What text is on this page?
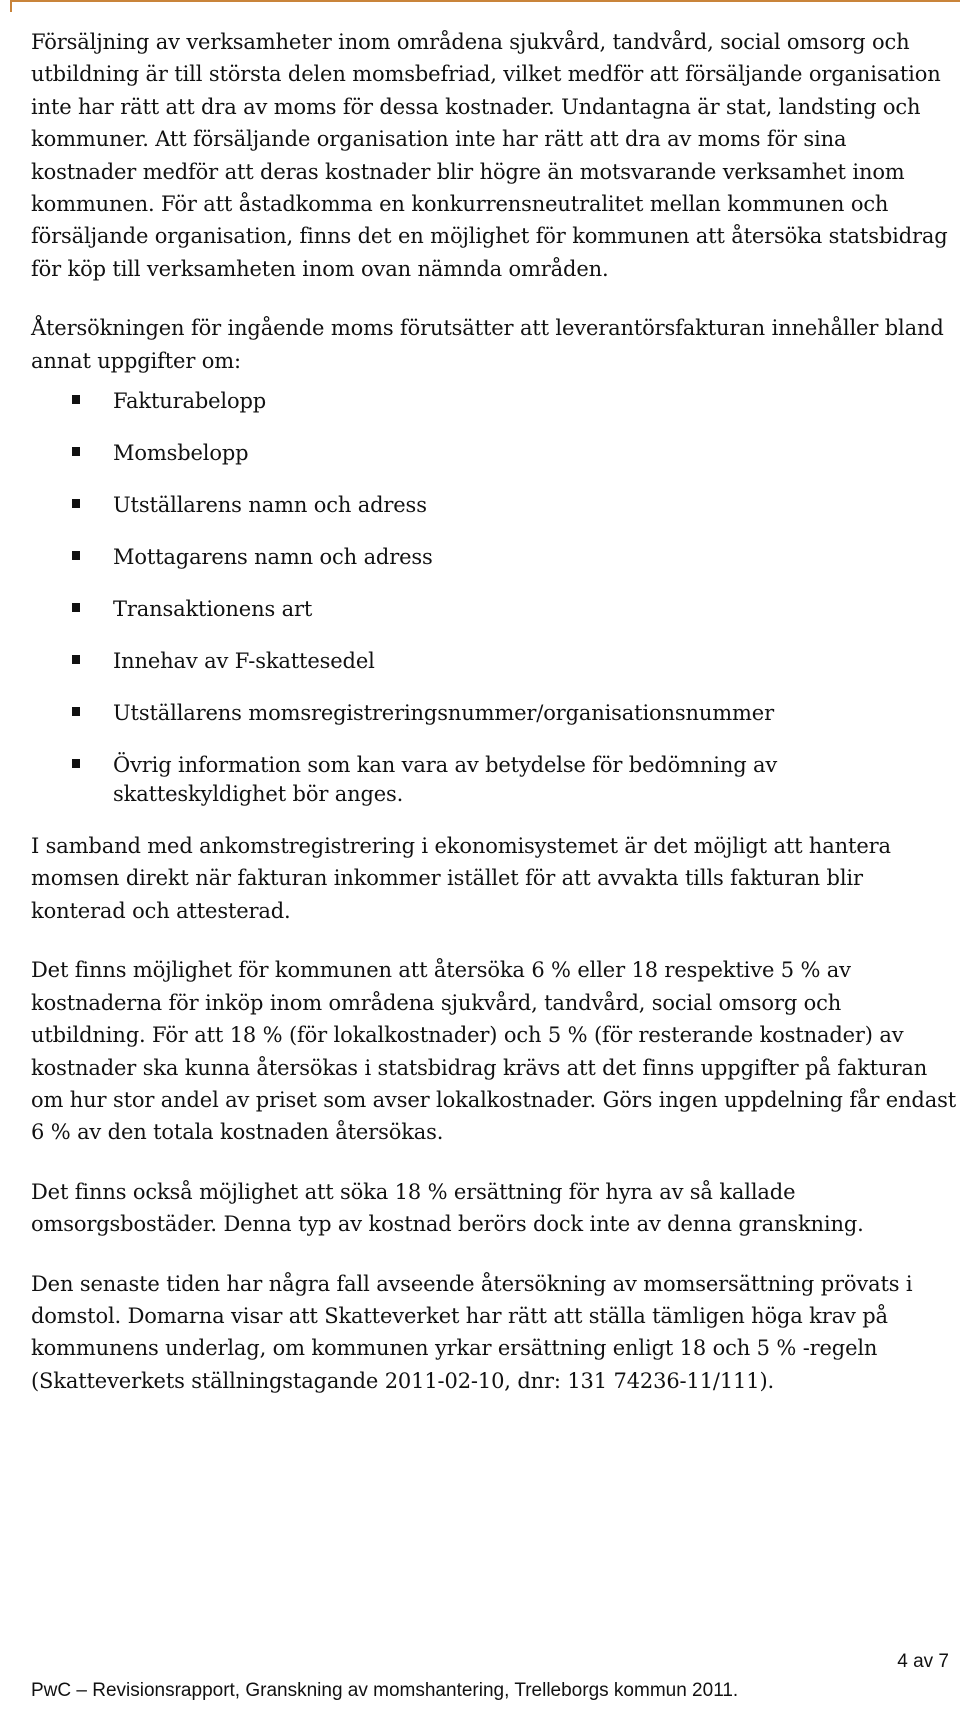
Försäljning av verksamheter inom områdena sjukvård, tandvård, social omsorg och utbildning är till största delen momsbefriad, vilket medför att försäljande organisation inte har rätt att dra av moms för dessa kostnader. Undantagna är stat, landsting och kommuner. Att försäljande organisation inte har rätt att dra av moms för sina kostnader medför att deras kostnader blir högre än motsvarande verksamhet inom kommunen. För att åstadkomma en konkurrensneutralitet mellan kommunen och försäljande organisation, finns det en möjlighet för kommunen att återsöka statsbidrag för köp till verksamheten inom ovan nämnda områden.

Återsökningen för ingående moms förutsätter att leverantörsfakturan innehåller bland annat uppgifter om:

Fakturabelopp
Momsbelopp
Utställarens namn och adress
Mottagarens namn och adress
Transaktionens art
Innehav av F-skattesedel
Utställarens momsregistreringsnummer/organisationsnummer
Övrig information som kan vara av betydelse för bedömning av skatteskyldighet bör anges.

I samband med ankomstregistrering i ekonomisystemet är det möjligt att hantera momsen direkt när fakturan inkommer istället för att avvakta tills fakturan blir konterad och attesterad.

Det finns möjlighet för kommunen att återsöka 6 % eller 18 respektive 5 % av kostnaderna för inköp inom områdena sjukvård, tandvård, social omsorg och utbildning. För att 18 % (för lokalkostnader) och 5 % (för resterande kostnader) av kostnader ska kunna återsökas i statsbidrag krävs att det finns uppgifter på fakturan om hur stor andel av priset som avser lokalkostnader. Görs ingen uppdelning får endast 6 % av den totala kostnaden återsökas.

Det finns också möjlighet att söka 18 % ersättning för hyra av så kallade omsorgsbostäder. Denna typ av kostnad berörs dock inte av denna granskning.

Den senaste tiden har några fall avseende återsökning av momsersättning prövats i domstol. Domarna visar att Skatteverket har rätt att ställa tämligen höga krav på kommunens underlag, om kommunen yrkar ersättning enligt 18 och 5 % -regeln (Skatteverkets ställningstagande 2011-02-10, dnr: 131 74236-11/111).

4 av 7
PwC – Revisionsrapport, Granskning av momshantering, Trelleborgs kommun 2011.
